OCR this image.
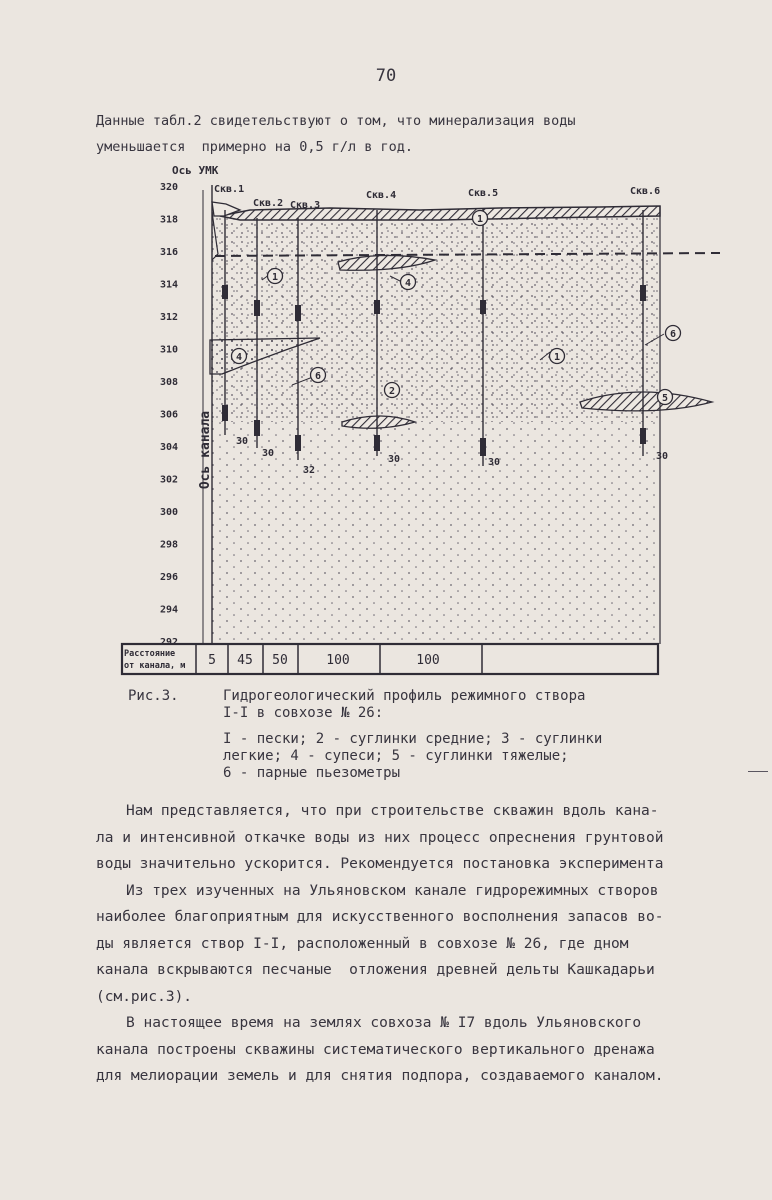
70
Данные табл.2 свидетельствуют о том, что минерализация воды
уменьшается  примерно на 0,5 г/л в год.
320
318
316
314
312
310
308
306
304
302
300
298
296
294
292
Скв.1
Скв.2 Скв.3
Скв.4	Скв.5	Скв.6
30
30
32
30	30
30
1
1
1
2
4
4
5
6
6
Ось УМК
Ось канала
Расстояние
от канала, м 5 45 50	100	100
Рис.3.	Гидрогеологический профиль режимного створа
I-I в совхозе № 26:
I - пески; 2 - суглинки средние; 3 - суглинки
легкие; 4 - супеси; 5 - суглинки тяжелые;
6 - парные пьезометры

Нам представляется, что при строительстве скважин вдоль кана-

ла и интенсивной откачке воды из них процесс опреснения грунтовой

воды значительно ускорится. Рекомендуется постановка эксперимента

Из трех изученных на Ульяновском канале гидрорежимных створов

наиболее благоприятным для искусственного восполнения запасов во-

ды является створ I-I, расположенный в совхозе № 26, где дном

канала вскрываются песчаные  отложения древней дельты Кашкадарьи

(см.рис.3).

В настоящее время на землях совхоза № I7 вдоль Ульяновского

канала построены скважины систематического вертикального дренажа

для мелиорации земель и для снятия подпора, создаваемого каналом.
